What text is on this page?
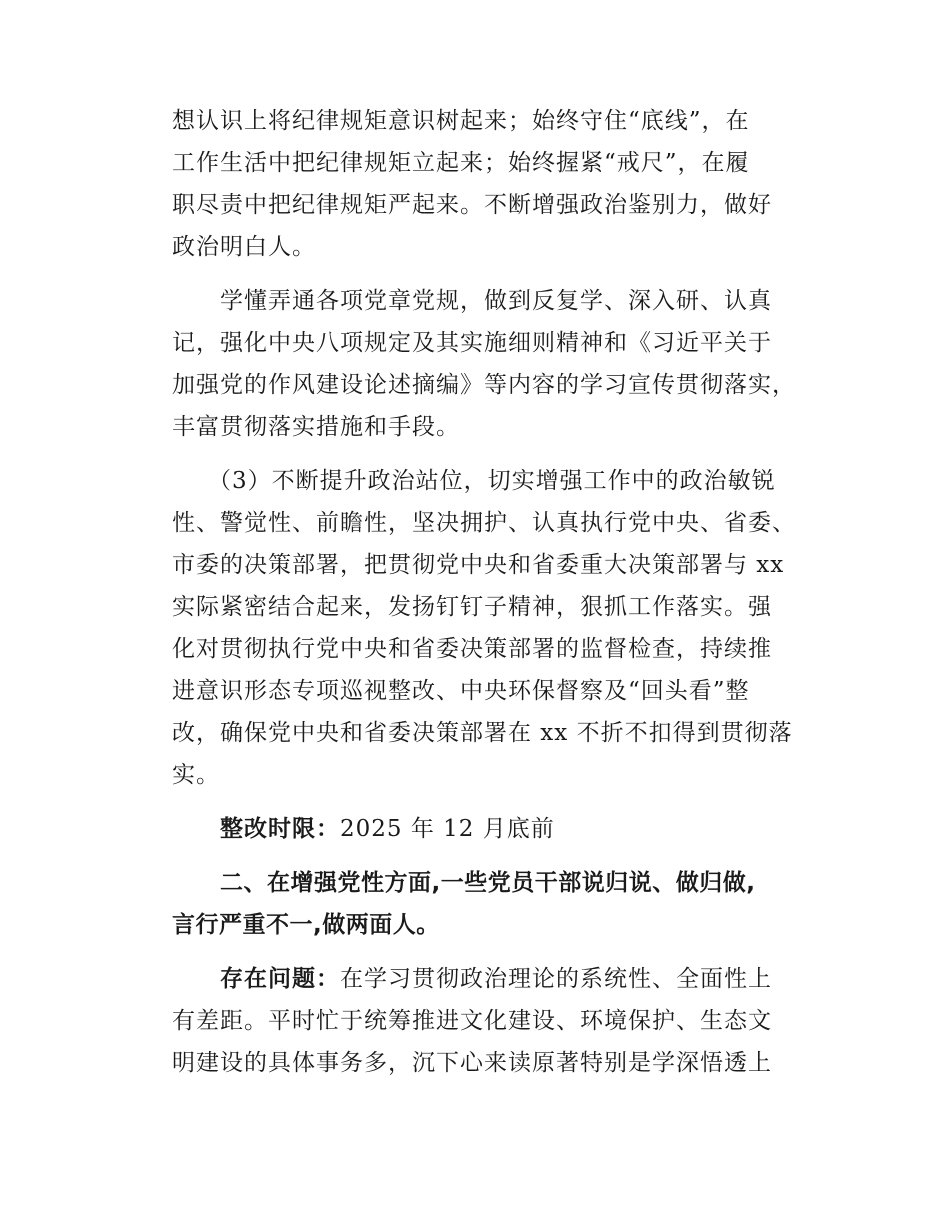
想认识上将纪律规矩意识树起来；始终守住“底线”，在
工作生活中把纪律规矩立起来；始终握紧“戒尺”，在履
职尽责中把纪律规矩严起来。不断增强政治鉴别力，做好
政治明白人。

学懂弄通各项党章党规，做到反复学、深入研、认真
记，强化中央八项规定及其实施细则精神和《习近平关于
加强党的作风建设论述摘编》等内容的学习宣传贯彻落实，
丰富贯彻落实措施和手段。

（3）不断提升政治站位，切实增强工作中的政治敏锐
性、警觉性、前瞻性，坚决拥护、认真执行党中央、省委、
市委的决策部署，把贯彻党中央和省委重大决策部署与 xx
实际紧密结合起来，发扬钉钉子精神，狠抓工作落实。强
化对贯彻执行党中央和省委决策部署的监督检查，持续推
进意识形态专项巡视整改、中央环保督察及“回头看”整
改，确保党中央和省委决策部署在 xx 不折不扣得到贯彻落
实。

整改时限：2025 年 12 月底前

二、在增强党性方面,一些党员干部说归说、做归做,
言行严重不一,做两面人。

存在问题：在学习贯彻政治理论的系统性、全面性上
有差距。平时忙于统筹推进文化建设、环境保护、生态文
明建设的具体事务多，沉下心来读原著特别是学深悟透上
